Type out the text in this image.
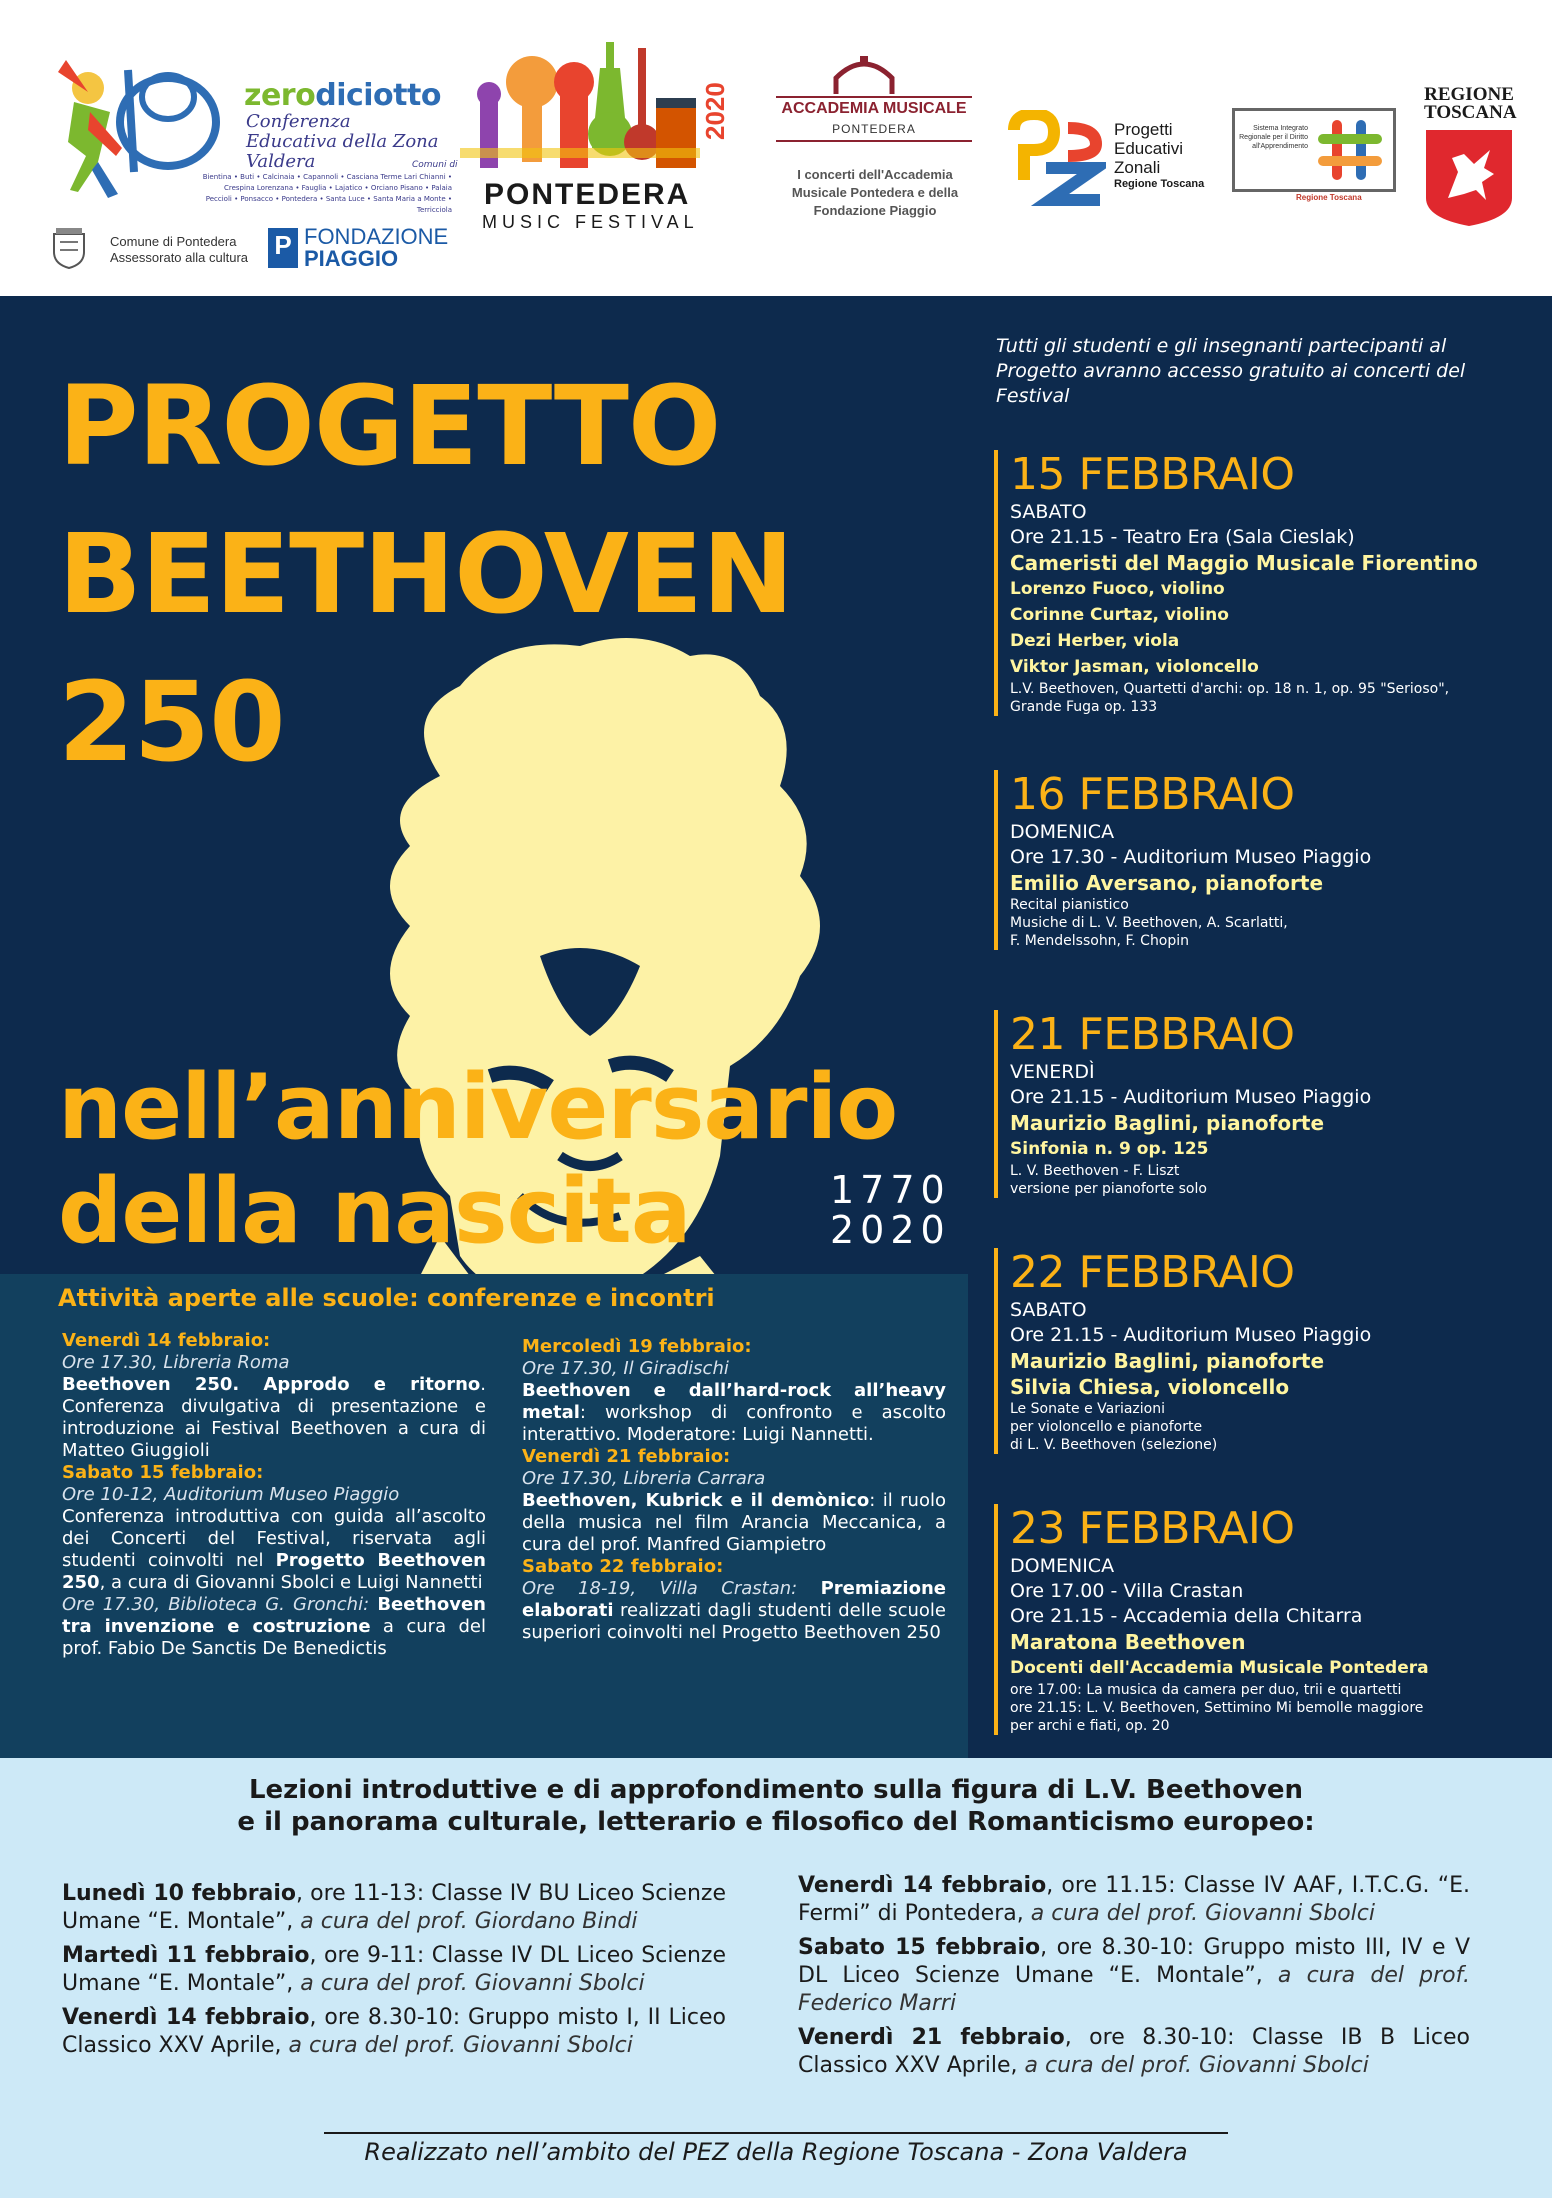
zerodiciotto
Conferenza Educativa della Zona Valdera	Comuni di
Bientina • Buti • Calcinaia • Capannoli • Casciana Terme Lari Chianni • Crespina Lorenzana • Fauglia • Lajatico • Orciano Pisano • Palaia Peccioli • Ponsacco • Pontedera • Santa Luce • Santa Maria a Monte • Terricciola
Comune di Pontedera
Assessorato alla cultura P FONDAZIONE
PIAGGIO
2020
PONTEDERA
MUSIC FESTIVAL
ACCADEMIA MUSICALE
PONTEDERA
I concerti dell'Accademia Musicale Pontedera e della Fondazione Piaggio
Progetti
Educativi
Zonali
Regione Toscana
Sistema Integrato Regionale per il Diritto all'Apprendimento
Regione Toscana
REGIONE
TOSCANA
PROGETTO
BEETHOVEN
250
nell’anniversario
della nascita	1770
2020
Tutti gli studenti e gli insegnanti partecipanti al Progetto avranno accesso gratuito ai concerti del Festival
15 FEBBRAIO
SABATO
Ore 21.15 - Teatro Era (Sala Cieslak)
Cameristi del Maggio Musicale Fiorentino
Lorenzo Fuoco, violino
Corinne Curtaz, violino
Dezi Herber, viola
Viktor Jasman, violoncello
L.V. Beethoven, Quartetti d'archi: op. 18 n. 1, op. 95 "Serioso", Grande Fuga op. 133
16 FEBBRAIO
DOMENICA
Ore 17.30 - Auditorium Museo Piaggio
Emilio Aversano, pianoforte
Recital pianistico
Musiche di L. V. Beethoven, A. Scarlatti,
F. Mendelssohn, F. Chopin
21 FEBBRAIO
VENERDÌ
Ore 21.15 - Auditorium Museo Piaggio
Maurizio Baglini, pianoforte
Sinfonia n. 9 op. 125
L. V. Beethoven - F. Liszt
versione per pianoforte solo
22 FEBBRAIO
SABATO
Ore 21.15 - Auditorium Museo Piaggio
Maurizio Baglini, pianoforte
Silvia Chiesa, violoncello
Le Sonate e Variazioni
per violoncello e pianoforte
di L. V. Beethoven (selezione)
23 FEBBRAIO
DOMENICA
Ore 17.00 - Villa Crastan
Ore 21.15 - Accademia della Chitarra
Maratona Beethoven
Docenti dell'Accademia Musicale Pontedera
ore 17.00: La musica da camera per duo, trii e quartetti
ore 21.15: L. V. Beethoven, Settimino Mi bemolle maggiore
per archi e fiati, op. 20
Attività aperte alle scuole: conferenze e incontri
Venerdì 14 febbraio:
Ore 17.30, Libreria Roma

Beethoven 250. Approdo e ritorno. Conferenza divulgativa di presentazione e introduzione ai Festival Beethoven a cura di Matteo Giuggioli

Sabato 15 febbraio:
Ore 10-12, Auditorium Museo Piaggio

Conferenza introduttiva con guida all’ascolto dei Concerti del Festival, riservata agli studenti coinvolti nel Progetto Beethoven 250, a cura di Giovanni Sbolci e Luigi Nannetti

Ore 17.30, Biblioteca G. Gronchi: Beethoven tra invenzione e costruzione a cura del prof. Fabio De Sanctis De Benedictis

Mercoledì 19 febbraio:
Ore 17.30, Il Giradischi

Beethoven e dall’hard-rock all’heavy metal: workshop di confronto e ascolto interattivo. Moderatore: Luigi Nannetti.

Venerdì 21 febbraio:
Ore 17.30, Libreria Carrara

Beethoven, Kubrick e il demònico: il ruolo della musica nel film Arancia Meccanica, a cura del prof. Manfred Giampietro

Sabato 22 febbraio:

Ore 18-19, Villa Crastan: Premiazione elaborati realizzati dagli studenti delle scuole superiori coinvolti nel Progetto Beethoven 250

Lezioni introduttive e di approfondimento sulla figura di L.V. Beethoven
e il panorama culturale, letterario e filosofico del Romanticismo europeo:

Lunedì 10 febbraio, ore 11-13: Classe IV BU Liceo Scienze Umane “E. Montale”, a cura del prof. Giordano Bindi

Martedì 11 febbraio, ore 9-11: Classe IV DL Liceo Scienze Umane “E. Montale”, a cura del prof. Giovanni Sbolci

Venerdì 14 febbraio, ore 8.30-10: Gruppo misto I, II Liceo Classico XXV Aprile, a cura del prof. Giovanni Sbolci

Venerdì 14 febbraio, ore 11.15: Classe IV AAF, I.T.C.G. “E. Fermi” di Pontedera, a cura del prof. Giovanni Sbolci

Sabato 15 febbraio, ore 8.30-10: Gruppo misto III, IV e V DL Liceo Scienze Umane “E. Montale”, a cura del prof. Federico Marri

Venerdì 21 febbraio, ore 8.30-10: Classe IB B Liceo Classico XXV Aprile, a cura del prof. Giovanni Sbolci

Realizzato nell’ambito del PEZ della Regione Toscana - Zona Valdera
